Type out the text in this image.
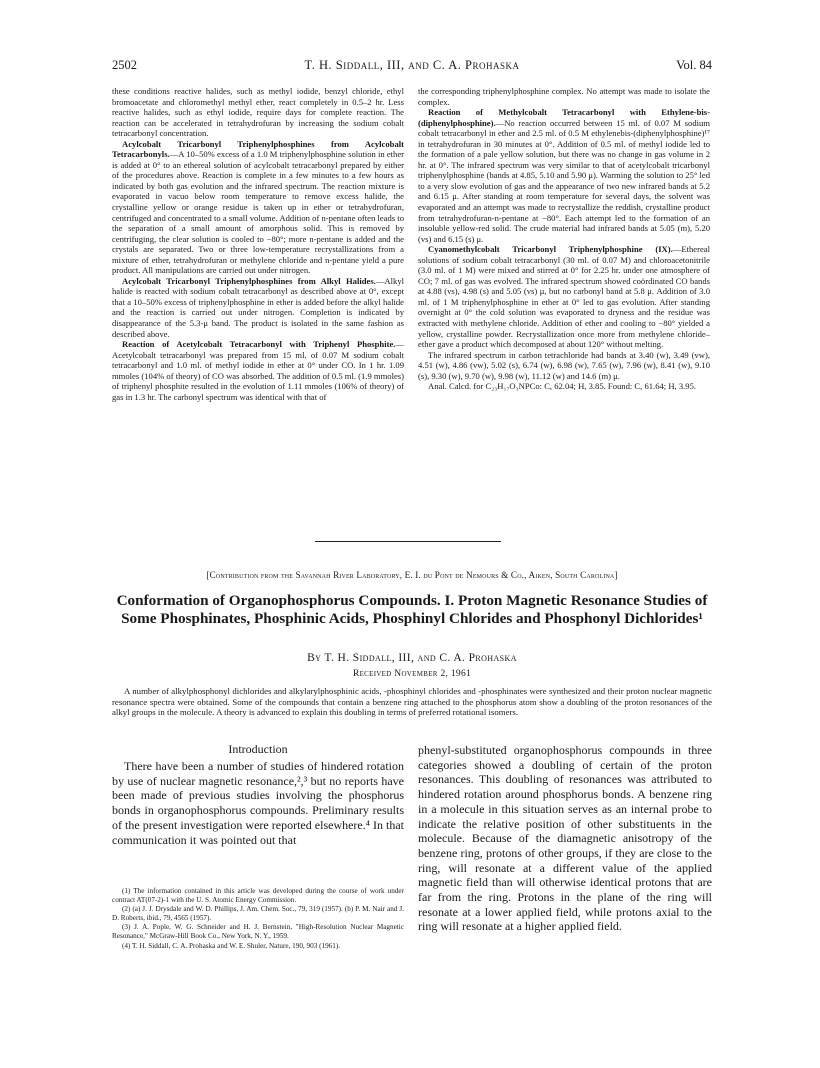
2502	T. H. Siddall, III, and C. A. Prohaska	Vol. 84

these conditions reactive halides, such as methyl iodide, benzyl chloride, ethyl bromoacetate and chloromethyl methyl ether, react completely in 0.5–2 hr. Less reactive halides, such as ethyl iodide, require days for complete reaction. The reaction can be accelerated in tetrahydrofuran by increasing the sodium cobalt tetracarbonyl concentration.

Acylcobalt Tricarbonyl Triphenylphosphines from Acylcobalt Tetracarbonyls.—A 10–50% excess of a 1.0 M triphenylphosphine solution in ether is added at 0° to an ethereal solution of acylcobalt tetracarbonyl prepared by either of the procedures above. Reaction is complete in a few minutes to a few hours as indicated by both gas evolution and the infrared spectrum. The reaction mixture is evaporated in vacuo below room temperature to remove excess halide, the crystalline yellow or orange residue is taken up in ether or tetrahydrofuran, centrifuged and concentrated to a small volume. Addition of n-pentane often leads to the separation of a small amount of amorphous solid. This is removed by centrifuging, the clear solution is cooled to −80°; more n-pentane is added and the crystals are separated. Two or three low-temperature recrystallizations from a mixture of ether, tetrahydrofuran or methylene chloride and n-pentane yield a pure product. All manipulations are carried out under nitrogen.

Acylcobalt Tricarbonyl Triphenylphosphines from Alkyl Halides.—Alkyl halide is reacted with sodium cobalt tetracarbonyl as described above at 0°, except that a 10–50% excess of triphenylphosphine in ether is added before the alkyl halide and the reaction is carried out under nitrogen. Completion is indicated by disappearance of the 5.3-μ band. The product is isolated in the same fashion as described above.

Reaction of Acetylcobalt Tetracarbonyl with Triphenyl Phosphite.—Acetylcobalt tetracarbonyl was prepared from 15 ml. of 0.07 M sodium cobalt tetracarbonyl and 1.0 ml. of methyl iodide in ether at 0° under CO. In 1 hr. 1.09 mmoles (104% of theory) of CO was absorbed. The addition of 0.5 ml. (1.9 mmoles) of triphenyl phosphite resulted in the evolution of 1.11 mmoles (106% of theory) of gas in 1.3 hr. The carbonyl spectrum was identical with that of

the corresponding triphenylphosphine complex. No attempt was made to isolate the complex.

Reaction of Methylcobalt Tetracarbonyl with Ethylene-bis-(diphenylphosphine).—No reaction occurred between 15 ml. of 0.07 M sodium cobalt tetracarbonyl in ether and 2.5 ml. of 0.5 M ethylenebis-(diphenylphosphine)¹⁷ in tetrahydrofuran in 30 minutes at 0°. Addition of 0.5 ml. of methyl iodide led to the formation of a pale yellow solution, but there was no change in gas volume in 2 hr. at 0°. The infrared spectrum was very similar to that of acetylcobalt tricarbonyl triphenylphosphine (bands at 4.85, 5.10 and 5.90 μ). Warming the solution to 25° led to a very slow evolution of gas and the appearance of two new infrared bands at 5.2 and 6.15 μ. After standing at room temperature for several days, the solvent was evaporated and an attempt was made to recrystallize the reddish, crystalline product from tetrahydrofuran-n-pentane at −80°. Each attempt led to the formation of an insoluble yellow-red solid. The crude material had infrared bands at 5.05 (m), 5.20 (vs) and 6.15 (s) μ.

Cyanomethylcobalt Tricarbonyl Triphenylphosphine (IX).—Ethereal solutions of sodium cobalt tetracarbonyl (30 ml. of 0.07 M) and chloroacetonitrile (3.0 ml. of 1 M) were mixed and stirred at 0° for 2.25 hr. under one atmosphere of CO; 7 ml. of gas was evolved. The infrared spectrum showed coördinated CO bands at 4.88 (vs), 4.98 (s) and 5.05 (vs) μ, but no carbonyl band at 5.8 μ. Addition of 3.0 ml. of 1 M triphenylphosphine in ether at 0° led to gas evolution. After standing overnight at 0° the cold solution was evaporated to dryness and the residue was extracted with methylene chloride. Addition of ether and cooling to −80° yielded a yellow, crystalline powder. Recrystallization once more from methylene chloride–ether gave a product which decomposed at about 120° without melting.

The infrared spectrum in carbon tetrachloride had bands at 3.40 (w), 3.49 (vw), 4.51 (w), 4.86 (vw), 5.02 (s), 6.74 (w), 6.98 (w), 7.65 (w), 7.96 (w), 8.41 (w), 9.10 (s), 9.30 (w), 9.70 (w), 9.98 (w), 11.12 (w) and 14.6 (m) μ.

Anal. Calcd. for C₂₃H₁₇O₃NPCo: C, 62.04; H, 3.85. Found: C, 61.64; H, 3.95.

[Contribution from the Savannah River Laboratory, E. I. du Pont de Nemours & Co., Aiken, South Carolina]
Conformation of Organophosphorus Compounds. I. Proton Magnetic Resonance Studies of Some Phosphinates, Phosphinic Acids, Phosphinyl Chlorides and Phosphonyl Dichlorides¹
By T. H. Siddall, III, and C. A. Prohaska
Received November 2, 1961
A number of alkylphosphonyl dichlorides and alkylarylphosphinic acids, -phosphinyl chlorides and -phosphinates were synthesized and their proton nuclear magnetic resonance spectra were obtained. Some of the compounds that contain a benzene ring attached to the phosphorus atom show a doubling of the proton resonances of the alkyl groups in the molecule. A theory is advanced to explain this doubling in terms of preferred rotational isomers.
Introduction
There have been a number of studies of hindered rotation by use of nuclear magnetic resonance,²,³ but no reports have been made of previous studies involving the phosphorus bonds in organophosphorus compounds. Preliminary results of the present investigation were reported elsewhere.⁴ In that communication it was pointed out that
phenyl-substituted organophosphorus compounds in three categories showed a doubling of certain of the proton resonances. This doubling of resonances was attributed to hindered rotation around phosphorus bonds. A benzene ring in a molecule in this situation serves as an internal probe to indicate the relative position of other substituents in the molecule. Because of the diamagnetic anisotropy of the benzene ring, protons of other groups, if they are close to the ring, will resonate at a different value of the applied magnetic field than will otherwise identical protons that are far from the ring. Protons in the plane of the ring will resonate at a lower applied field, while protons axial to the ring will resonate at a higher applied field.

(1) The information contained in this article was developed during the course of work under contract AT(07-2)-1 with the U. S. Atomic Energy Commission.

(2) (a) J. J. Drysdale and W. D. Phillips, J. Am. Chem. Soc., 79, 319 (1957). (b) P. M. Nair and J. D. Roberts, ibid., 79, 4565 (1957).

(3) J. A. Pople, W. G. Schneider and H. J. Bernstein, "High-Resolution Nuclear Magnetic Resonance," McGraw-Hill Book Co., New York, N. Y., 1959.

(4) T. H. Siddall, C. A. Prohaska and W. E. Shuler, Nature, 190, 903 (1961).
